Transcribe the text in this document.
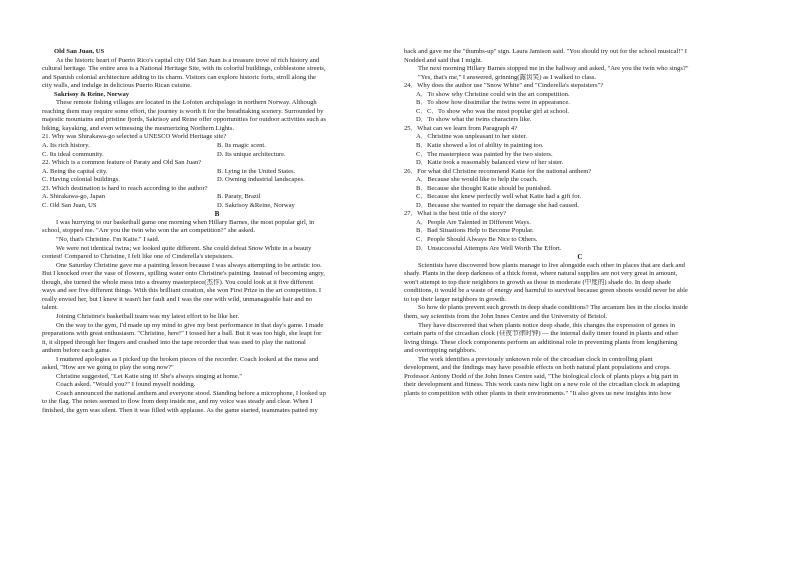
Old San Juan, US
As the historic heart of Puerto Rico's capital city Old San Juan is a treasure trove of rich history and
cultural heritage. The entire area is a National Heritage Site, with its colorful buildings, cobblestone streets,
and Spanish colonial architecture adding to its charm. Visitors can explore historic forts, stroll along the
city walls, and indulge in delicious Puerto Rican cuisine.
Sakrisoy & Reine, Norway
These remote fishing villages are located in the Lofoten archipelago in northern Norway. Although
reaching them may require some effort, the journey is worth it for the breathtaking scenery. Surrounded by
majestic mountains and pristine fjords, Sakrisoy and Reine offer opportunities for outdoor activities such as
hiking, kayaking, and even witnessing the mesmerizing Northern Lights.
21. Why was Shirakawa-go selected a UNESCO World Heritage site?
A. Its rich history.	B. Its magic scent.
C. Its ideal community.	D. Its unique architecture.
22. Which is a common feature of Paraty and Old San Juan?
A. Being the capital city.	B. Lying in the United States.
C. Having colonial buildings.	D. Owning industrial landscapes.
23. Which destination is hard to reach according to the author?
A. Shirakawa-go, Japan	B. Paraty, Brazil
C. Old San Juan, US	D. Sakrisoy &Reine, Norway
B
I was hurrying to our basketball game one morning when Hillary Barnes, the most popular girl, in
school, stopped me. "Are you the twin who won the art competition?" she asked.
"No, that's Christine. I'm Katie." I said.
We were not identical twins; we looked quite different. She could defeat Snow White in a beauty
contest! Compared to Christine, I felt like one of Cinderella's stepsisters.
One Saturday Christine gave me a painting lesson because I was always attempting to be artistic too.
But I knocked over the vase of flowers, spilling water onto Christine's painting. Instead of becoming angry,
though, she turned the whole mess into a dreamy masterpiece(杰作). You could look at it five different
ways and see five different things. With this brilliant creation, she won First Prize in the art competition. I
really envied her, but I knew it wasn't her fault and I was the one with wild, unmanageable hair and no
talent.
Joining Christine's basketball team was my latest effort to be like her.
On the way to the gym, I'd made up my mind to give my best performance in that day's game. I made
preparations with great enthusiasm. "Christine, here!" I tossed her a ball. But it was too high, she leapt for
it, it slipped through her fingers and crashed into the tape recorder that was used to play the national
anthem before each game.
I muttered apologies as I picked up the broken pieces of the recorder. Coach looked at the mess and
asked, "How are we going to play the song now?"
Christine suggested, "Let Katie sing it! She's always singing at home."
Coach asked. "Would you?" I found myself nodding.
Coach announced the national anthem and everyone stood. Standing before a microphone, I looked up
to the flag. The notes seemed to flow from deep inside me, and my voice was steady and clear. When I
finished, the gym was silent. Then it was filled with applause. As the game started, teammates patted my
back and gave me the "thumbs-up" sign. Laura Jamison said. "You should try out for the school musical!" I
Nodded and said that I might.
The next morning Hillary Barnes stopped me in the hallway and asked, "Are you the twin who sings?"
"Yes, that's me," I answered, grinning(露齿笑) as I walked to class.
24．Why does the author use "Snow White" and "Cinderella's stepsisters"?
A．To show why Christine could win the art competition.
B．To show how dissimilar the twins were in appearance.
C．C．To show who was the most popular girl at school.
D．To show what the twins characters like.
25．What can we learn from Paragraph 4?
A．Christine was unpleasant to her sister.
B．Katie showed a lot of ability in painting too.
C．The masterpiece was painted by the two sisters.
D．Katie took a reasonably balanced view of her sister.
26．For what did Christine recommend Katie for the national anthem?
A．Because she would like to help the coach.
B．Because she thought Katie should be punished.
C．Because she knew perfectly well what Katie had a gift for.
D．Because she wanted to repair the damage she had caused.
27．What is the best title of the story?
A．People Are Talented in Different Ways.
B．Bad Situations Help to Become Popular.
C．People Should Always Be Nice to Others.
D．Unsuccessful Attempts Are Well Worth The Effort.
C
Scientists have discovered how plants manage to live alongside each other in places that are dark and
shady. Plants in the deep darkness of a thick forest, where natural supplies are not very great in amount,
won't attempt to top their neighbors in growth as those in moderate (中度的) shade do. In deep shade
conditions, it would be a waste of energy and harmful to survival because green shoots would never be able
to top their larger neighbors in growth.
So how do plants prevent such growth in deep shade conditions? The arcanum lies in the clocks inside
them, say scientists from the John Innes Centre and the University of Bristol.
They have discovered that when plants notice deep shade, this changes the expression of genes in
certain parts of the circadian clock (昼夜节律时钟) — the internal daily timer found in plants and other
living things. These clock components perform an additional role in preventing plants from lengthening
and overtopping neighbors.
The work identifies a previously unknown role of the circadian clock in controlling plant
development, and the findings may have possible effects on both natural plant populations and crops.
Professor Antony Dodd of the John Innes Centre said, "The biological clock of plants plays a big part in
their development and fitness. This work casts new light on a new role of the circadian clock in adapting
plants to competition with other plants in their environments." "It also gives us new insights into how
